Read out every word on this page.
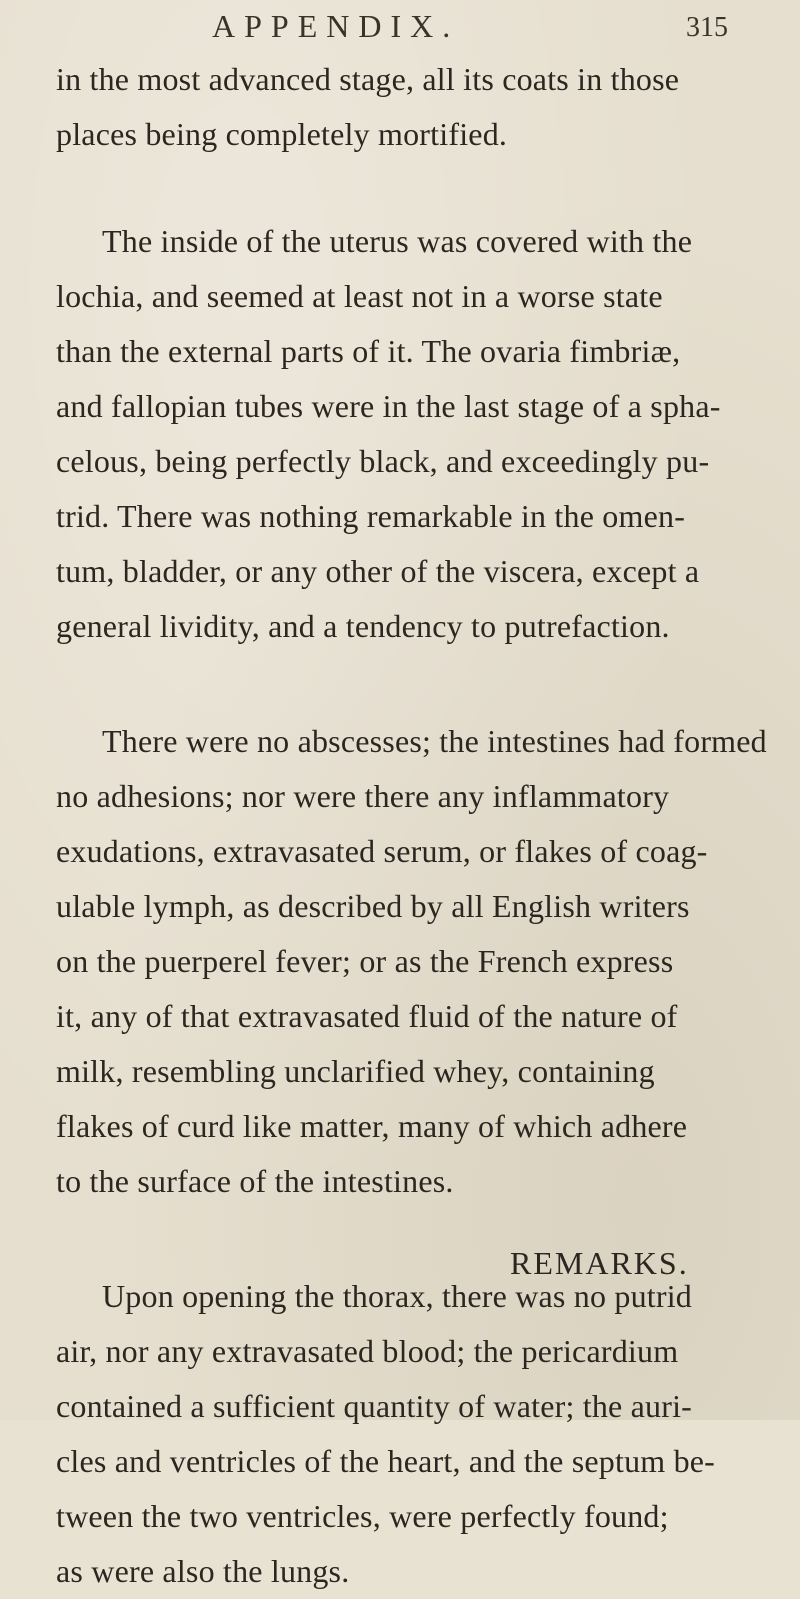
APPENDIX.	315
in the most advanced stage, all its coats in those
places being completely mortified.
The inside of the uterus was covered with the
lochia, and seemed at least not in a worse state
than the external parts of it. The ovaria fimbriæ,
and fallopian tubes were in the last stage of a spha-
celous, being perfectly black, and exceedingly pu-
trid. There was nothing remarkable in the omen-
tum, bladder, or any other of the viscera, except a
general lividity, and a tendency to putrefaction.
There were no abscesses; the intestines had formed
no adhesions; nor were there any inflammatory
exudations, extravasated serum, or flakes of coag-
ulable lymph, as described by all English writers
on the puerperel fever; or as the French express
it, any of that extravasated fluid of the nature of
milk, resembling unclarified whey, containing
flakes of curd like matter, many of which adhere
to the surface of the intestines.
Upon opening the thorax, there was no putrid
air, nor any extravasated blood; the pericardium
contained a sufficient quantity of water; the auri-
cles and ventricles of the heart, and the septum be-
tween the two ventricles, were perfectly found;
as were also the lungs.
REMARKS.
